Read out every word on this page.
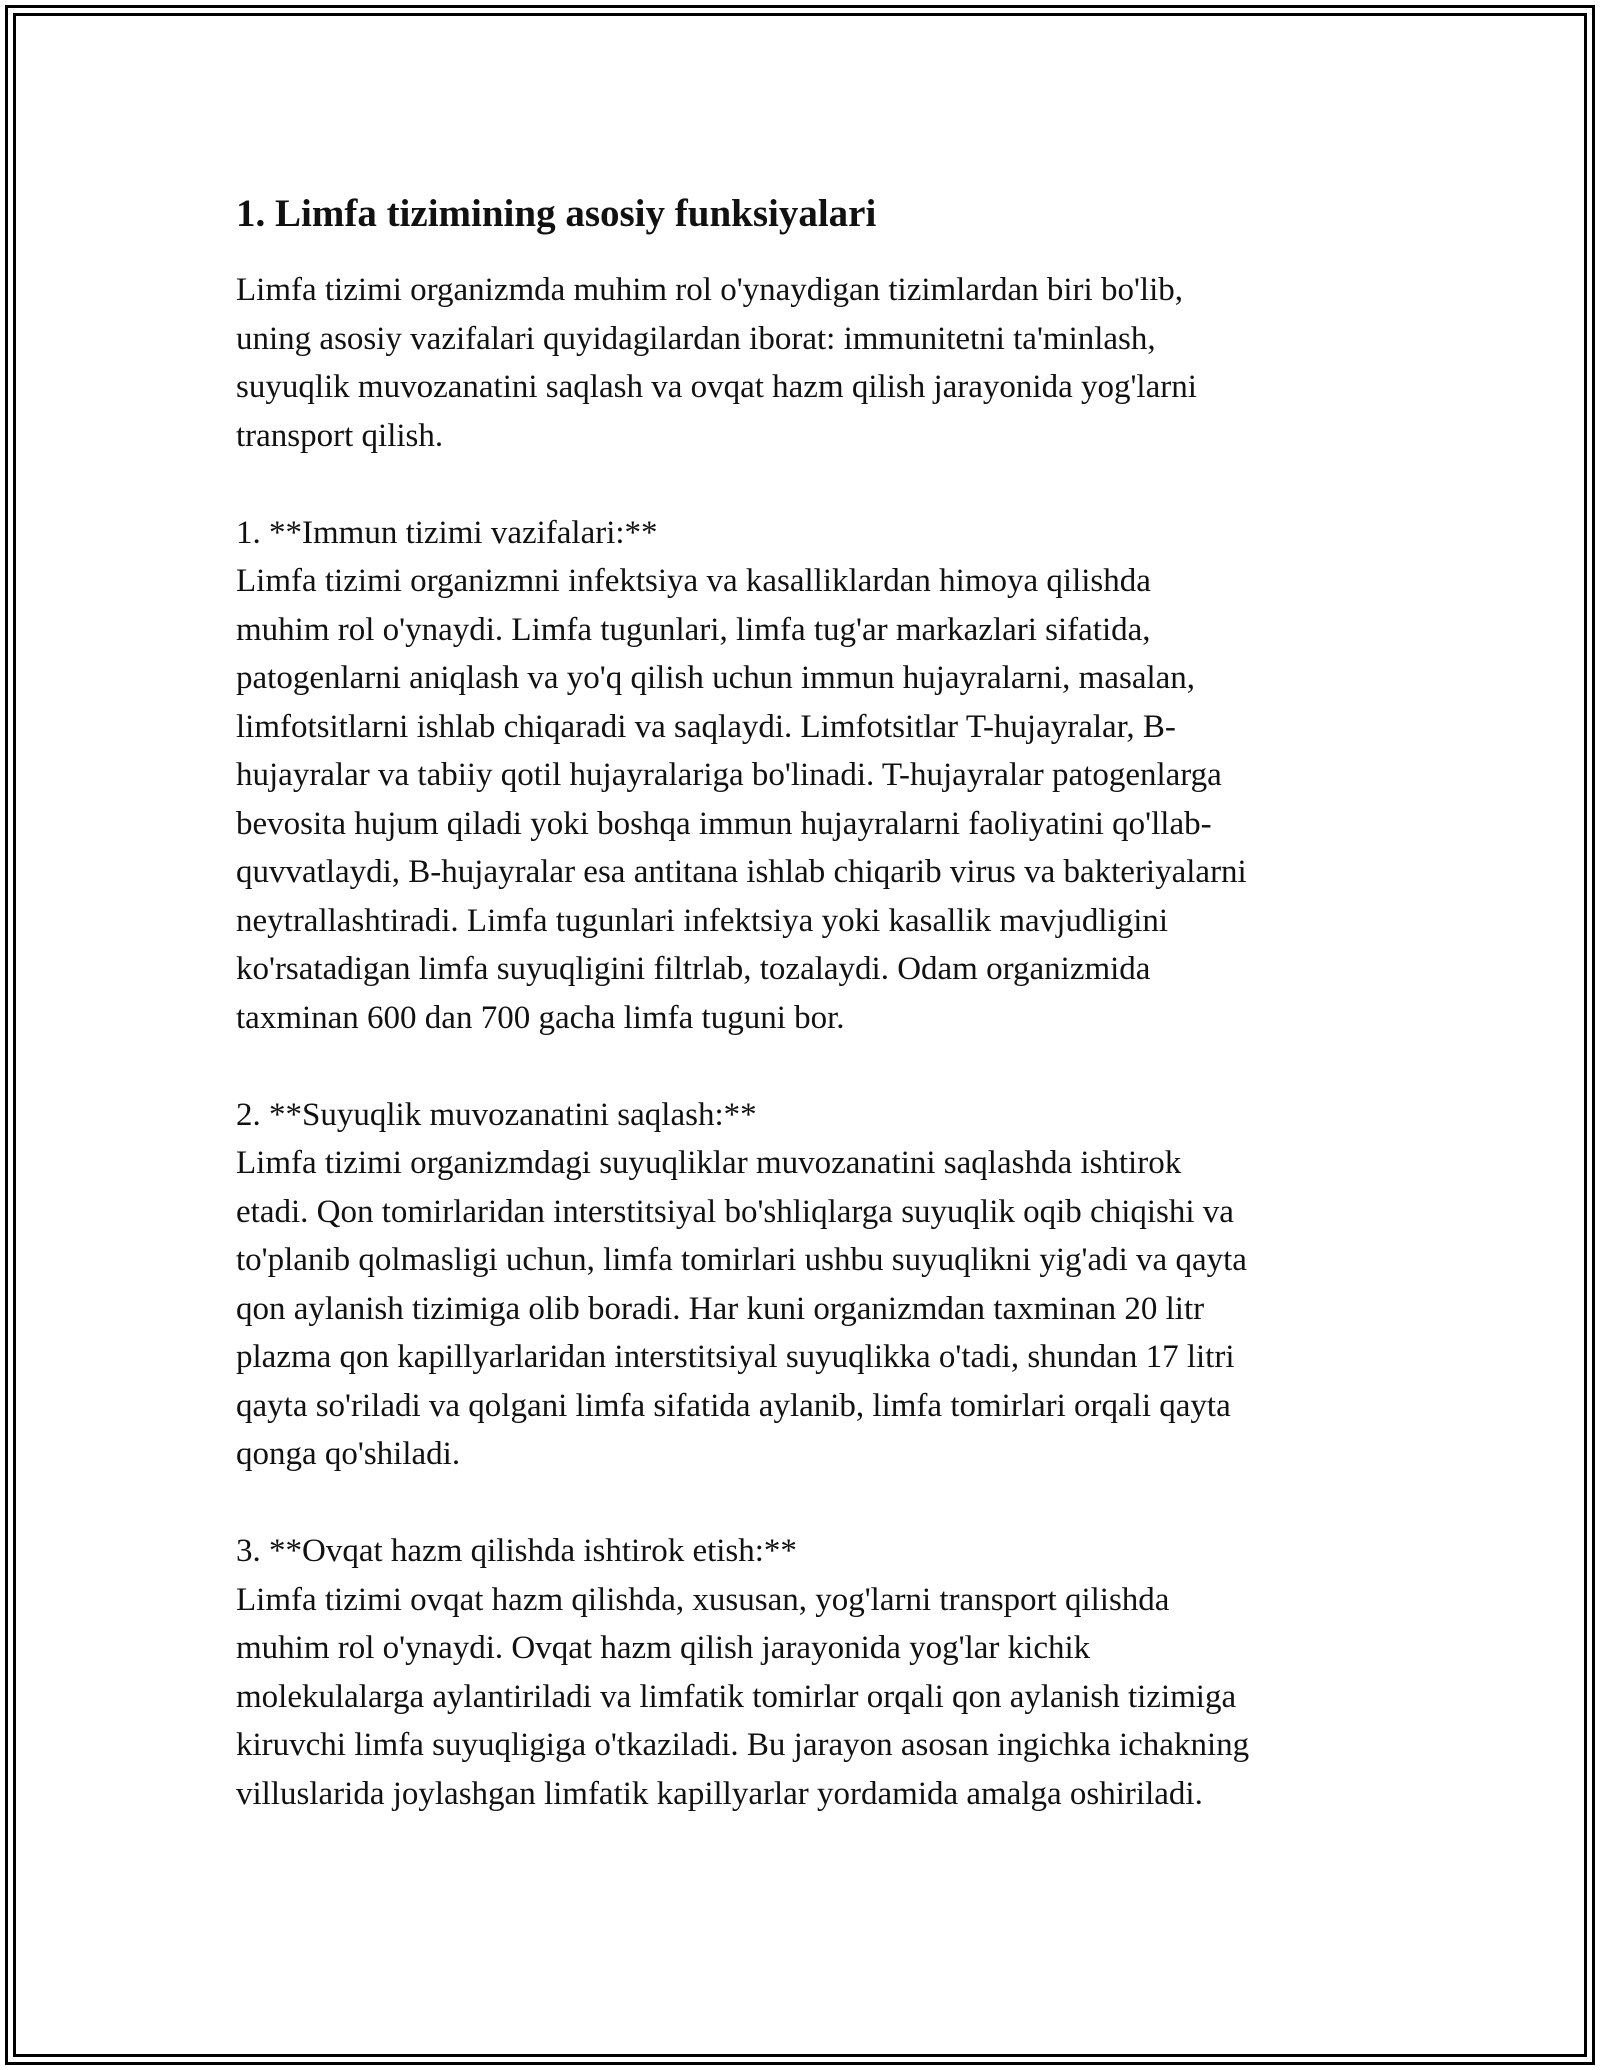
1. Limfa tizimining asosiy funksiyalari

Limfa tizimi organizmda muhim rol o'ynaydigan tizimlardan biri bo'lib,
uning asosiy vazifalari quyidagilardan iborat: immunitetni ta'minlash,
suyuqlik muvozanatini saqlash va ovqat hazm qilish jarayonida yog'larni
transport qilish.

1. **Immun tizimi vazifalari:**

Limfa tizimi organizmni infektsiya va kasalliklardan himoya qilishda
muhim rol o'ynaydi. Limfa tugunlari, limfa tug'ar markazlari sifatida,
patogenlarni aniqlash va yo'q qilish uchun immun hujayralarni, masalan,
limfotsitlarni ishlab chiqaradi va saqlaydi. Limfotsitlar T-hujayralar, B-
hujayralar va tabiiy qotil hujayralariga bo'linadi. T-hujayralar patogenlarga
bevosita hujum qiladi yoki boshqa immun hujayralarni faoliyatini qo'llab-
quvvatlaydi, B-hujayralar esa antitana ishlab chiqarib virus va bakteriyalarni
neytrallashtiradi. Limfa tugunlari infektsiya yoki kasallik mavjudligini
ko'rsatadigan limfa suyuqligini filtrlab, tozalaydi. Odam organizmida
taxminan 600 dan 700 gacha limfa tuguni bor.

2. **Suyuqlik muvozanatini saqlash:**

Limfa tizimi organizmdagi suyuqliklar muvozanatini saqlashda ishtirok
etadi. Qon tomirlaridan interstitsiyal bo'shliqlarga suyuqlik oqib chiqishi va
to'planib qolmasligi uchun, limfa tomirlari ushbu suyuqlikni yig'adi va qayta
qon aylanish tizimiga olib boradi. Har kuni organizmdan taxminan 20 litr
plazma qon kapillyarlaridan interstitsiyal suyuqlikka o'tadi, shundan 17 litri
qayta so'riladi va qolgani limfa sifatida aylanib, limfa tomirlari orqali qayta
qonga qo'shiladi.

3. **Ovqat hazm qilishda ishtirok etish:**

Limfa tizimi ovqat hazm qilishda, xususan, yog'larni transport qilishda
muhim rol o'ynaydi. Ovqat hazm qilish jarayonida yog'lar kichik
molekulalarga aylantiriladi va limfatik tomirlar orqali qon aylanish tizimiga
kiruvchi limfa suyuqligiga o'tkaziladi. Bu jarayon asosan ingichka ichakning
villuslarida joylashgan limfatik kapillyarlar yordamida amalga oshiriladi.
